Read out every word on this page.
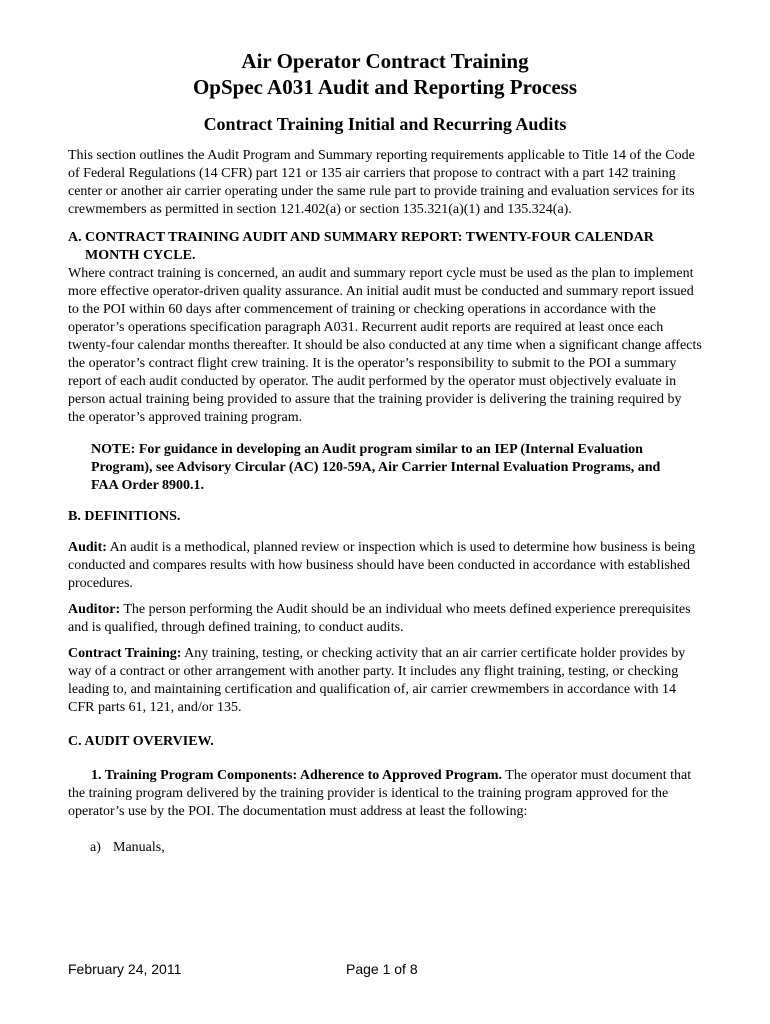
Air Operator Contract Training
OpSpec A031 Audit and Reporting Process
Contract Training Initial and Recurring Audits

This section outlines the Audit Program and Summary reporting requirements applicable to Title 14 of the Code of Federal Regulations (14 CFR) part 121 or 135 air carriers that propose to contract with a part 142 training center or another air carrier operating under the same rule part to provide training and evaluation services for its crewmembers as permitted in section 121.402(a) or section 135.321(a)(1) and 135.324(a).

A. CONTRACT TRAINING AUDIT AND SUMMARY REPORT: TWENTY-FOUR CALENDAR MONTH CYCLE.

Where contract training is concerned, an audit and summary report cycle must be used as the plan to implement more effective operator-driven quality assurance. An initial audit must be conducted and summary report issued to the POI within 60 days after commencement of training or checking operations in accordance with the operator’s operations specification paragraph A031. Recurrent audit reports are required at least once each twenty-four calendar months thereafter. It should be also conducted at any time when a significant change affects the operator’s contract flight crew training. It is the operator’s responsibility to submit to the POI a summary report of each audit conducted by operator. The audit performed by the operator must objectively evaluate in person actual training being provided to assure that the training provider is delivering the training required by the operator’s approved training program.

NOTE: For guidance in developing an Audit program similar to an IEP (Internal Evaluation Program), see Advisory Circular (AC) 120-59A, Air Carrier Internal Evaluation Programs, and FAA Order 8900.1.

B. DEFINITIONS.

Audit: An audit is a methodical, planned review or inspection which is used to determine how business is being conducted and compares results with how business should have been conducted in accordance with established procedures.

Auditor: The person performing the Audit should be an individual who meets defined experience prerequisites and is qualified, through defined training, to conduct audits.

Contract Training: Any training, testing, or checking activity that an air carrier certificate holder provides by way of a contract or other arrangement with another party. It includes any flight training, testing, or checking leading to, and maintaining certification and qualification of, air carrier crewmembers in accordance with 14 CFR parts 61, 121, and/or 135.

C. AUDIT OVERVIEW.

1. Training Program Components: Adherence to Approved Program. The operator must document that the training program delivered by the training provider is identical to the training program approved for the operator’s use by the POI. The documentation must address at least the following:

a) Manuals,

February 24, 2011	Page 1 of 8
